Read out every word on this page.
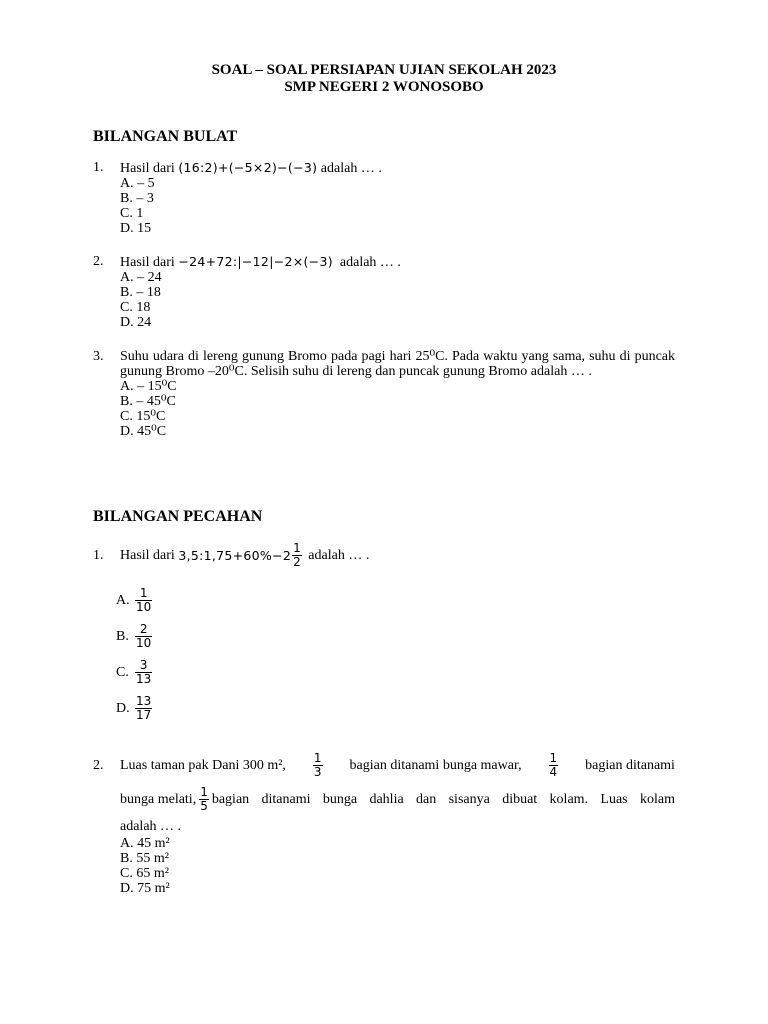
SOAL – SOAL PERSIAPAN UJIAN SEKOLAH 2023
SMP NEGERI 2 WONOSOBO
BILANGAN BULAT
1. Hasil dari (16:2)+(−5×2)−(−3) adalah … .
A. – 5
B. – 3
C. 1
D. 15
2. Hasil dari −24+72:|−12|−2×(−3) adalah … .
A. – 24
B. – 18
C. 18
D. 24
3. Suhu udara di lereng gunung Bromo pada pagi hari 25⁰C. Pada waktu yang sama, suhu di puncak gunung Bromo –20⁰C. Selisih suhu di lereng dan puncak gunung Bromo adalah … .
A. – 15⁰C
B. – 45⁰C
C. 15⁰C
D. 45⁰C
BILANGAN PECAHAN
1. Hasil dari
3,5:1,75+60%−2 $\frac{1}{2}$
adalah … .
A. $\frac{1}{10}$
B. $\frac{2}{10}$
C. $\frac{3}{13}$
D. $\frac{13}{17}$
2. Luas taman pak Dani 300 m², $\frac{1}{3}$ bagian ditanami bunga mawar, $\frac{1}{4}$ bagian ditanami
bunga melati, $\frac{1}{5}$ bagian ditanami bunga dahlia dan sisanya dibuat kolam. Luas kolam
adalah … .
A. 45 m²
B. 55 m²
C. 65 m²
D. 75 m²
